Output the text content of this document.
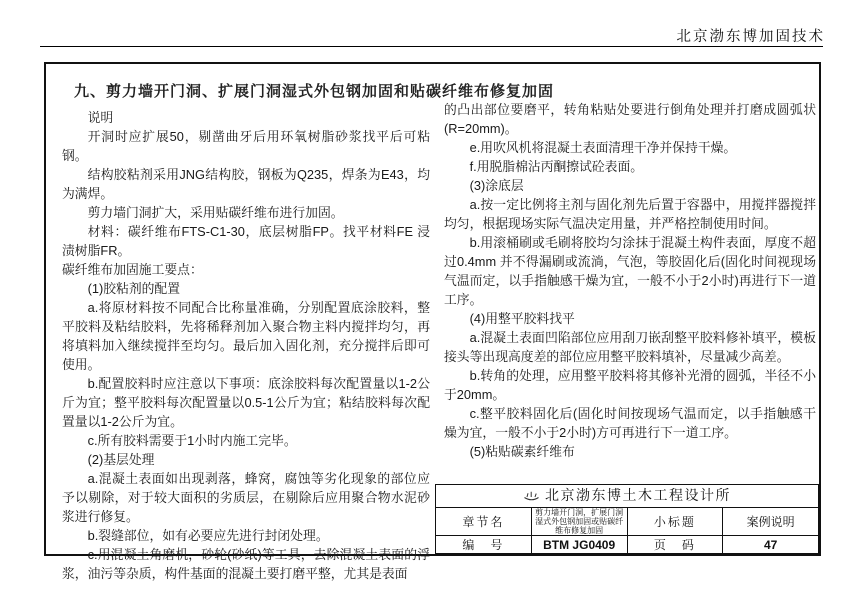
北京渤东博加固技术
九、剪力墙开门洞、扩展门洞湿式外包钢加固和贴碳纤维布修复加固

说明

开洞时应扩展50，剔凿曲牙后用环氧树脂砂浆找平后可粘钢。

结构胶粘剂采用JNG结构胶，钢板为Q235，焊条为E43，均为满焊。

剪力墙门洞扩大，采用贴碳纤维布进行加固。

材料：碳纤维布FTS-C1-30，底层树脂FP。找平材料FE 浸渍树脂FR。

碳纤维布加固施工要点：

(1)胶粘剂的配置

a.将原材料按不同配合比称量准确，分别配置底涂胶料，整平胶料及粘结胶料，先将稀释剂加入聚合物主料内搅拌均匀，再将填料加入继续搅拌至均匀。最后加入固化剂，充分搅拌后即可使用。

b.配置胶料时应注意以下事项：底涂胶料每次配置量以1-2公斤为宜；整平胶料每次配置量以0.5-1公斤为宜；粘结胶料每次配置量以1-2公斤为宜。

c.所有胶料需要于1小时内施工完毕。

(2)基层处理

a.混凝土表面如出现剥落，蜂窝，腐蚀等劣化现象的部位应予以剔除，对于较大面积的劣质层，在剔除后应用聚合物水泥砂浆进行修复。

b.裂缝部位，如有必要应先进行封闭处理。

c.用混凝土角磨机，砂轮(砂纸)等工具，去除混凝土表面的浮浆，油污等杂质，构件基面的混凝土要打磨平整，尤其是表面

的凸出部位要磨平，转角粘贴处要进行倒角处理并打磨成圆弧状(R=20mm)。

e.用吹风机将混凝土表面清理干净并保持干燥。

f.用脱脂棉沾丙酮擦试砼表面。

(3)涂底层

a.按一定比例将主剂与固化剂先后置于容器中，用搅拌器搅拌均匀，根据现场实际气温决定用量，并严格控制使用时间。

b.用滚桶刷或毛刷将胶均匀涂抹于混凝土构件表面，厚度不超过0.4mm 并不得漏刷或流淌，气泡，等胶固化后(固化时间视现场气温而定，以手指触感干燥为宜，一般不小于2小时)再进行下一道工序。

(4)用整平胶料找平

a.混凝土表面凹陷部位应用刮刀嵌刮整平胶料修补填平，模板接头等出现高度差的部位应用整平胶料填补，尽量减少高差。

b.转角的处理，应用整平胶料将其修补光滑的圆弧，半径不小于20mm。

c.整平胶料固化后(固化时间按现场气温而定，以手指触感干燥为宜，一般不小于2小时)方可再进行下一道工序。

(5)粘贴碳素纤维布

北京渤东博土木工程设计所			
章节名	剪力墙开门洞，扩展门洞湿式外包钢加固或贴碳纤维布修复加固	小标题	案例说明
编　号	BTM JG0409	页　码	47
